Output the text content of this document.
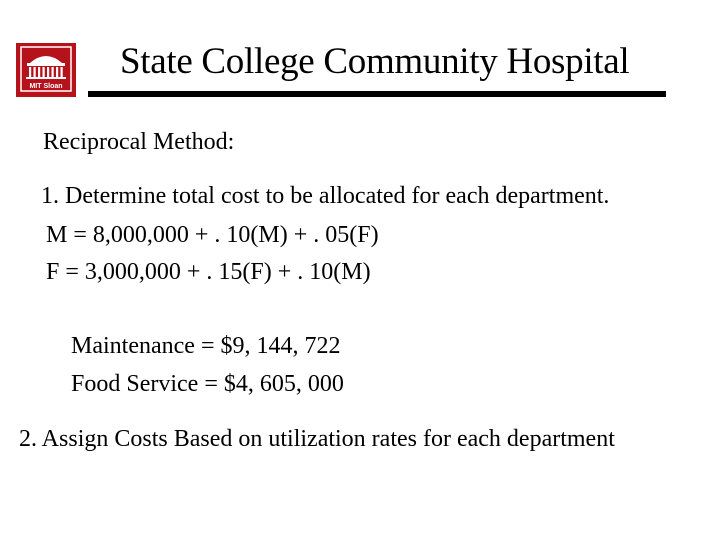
MIT Sloan
State College Community Hospital
Reciprocal Method:
1. Determine total cost to be allocated for each department.
M = 8,000,000 + . 10(M) + . 05(F)
F = 3,000,000 + . 15(F) + . 10(M)
Maintenance = $9, 144, 722
Food Service = $4, 605, 000
2. Assign Costs Based on utilization rates for each department
